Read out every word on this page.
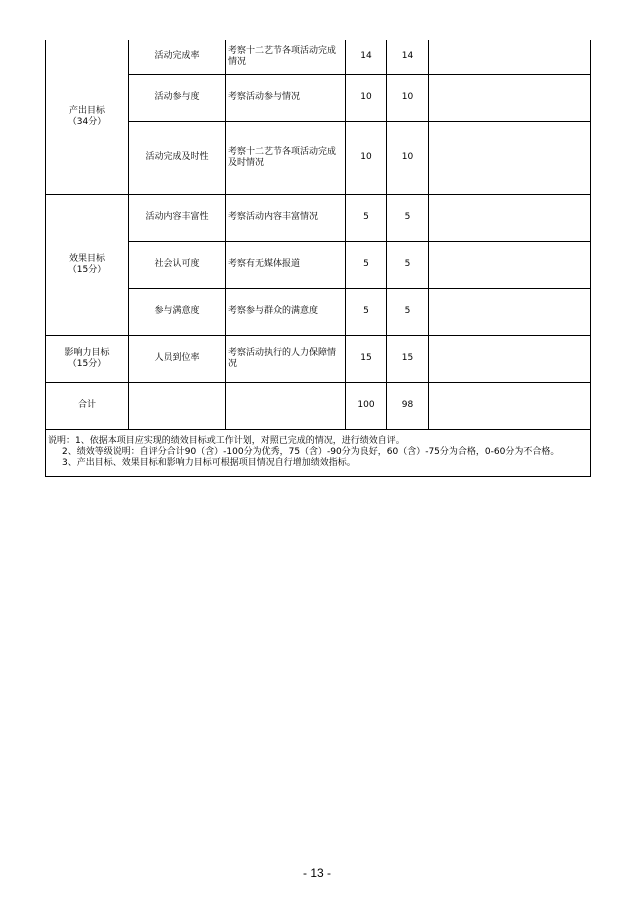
产出目标
（34分）	活动完成率	考察十二艺节各项活动完成情况	14	14	
	活动参与度	考察活动参与情况	10	10	
	活动完成及时性	考察十二艺节各项活动完成及时情况	10	10	

效果目标
（15分）	活动内容丰富性	考察活动内容丰富情况	5	5	
	社会认可度	考察有无媒体报道	5	5	
	参与满意度	考察参与群众的满意度	5	5	

影响力目标
（15分）	人员到位率	考察活动执行的人力保障情况	15	15	
合计			100	98	

说明：1、依据本项目应实现的绩效目标或工作计划，对照已完成的情况，进行绩效自评。
2、绩效等级说明：自评分合计90（含）-100分为优秀，75（含）-90分为良好，60（含）-75分为合格，0-60分为不合格。
3、产出目标、效果目标和影响力目标可根据项目情况自行增加绩效指标。					
- 13 -
